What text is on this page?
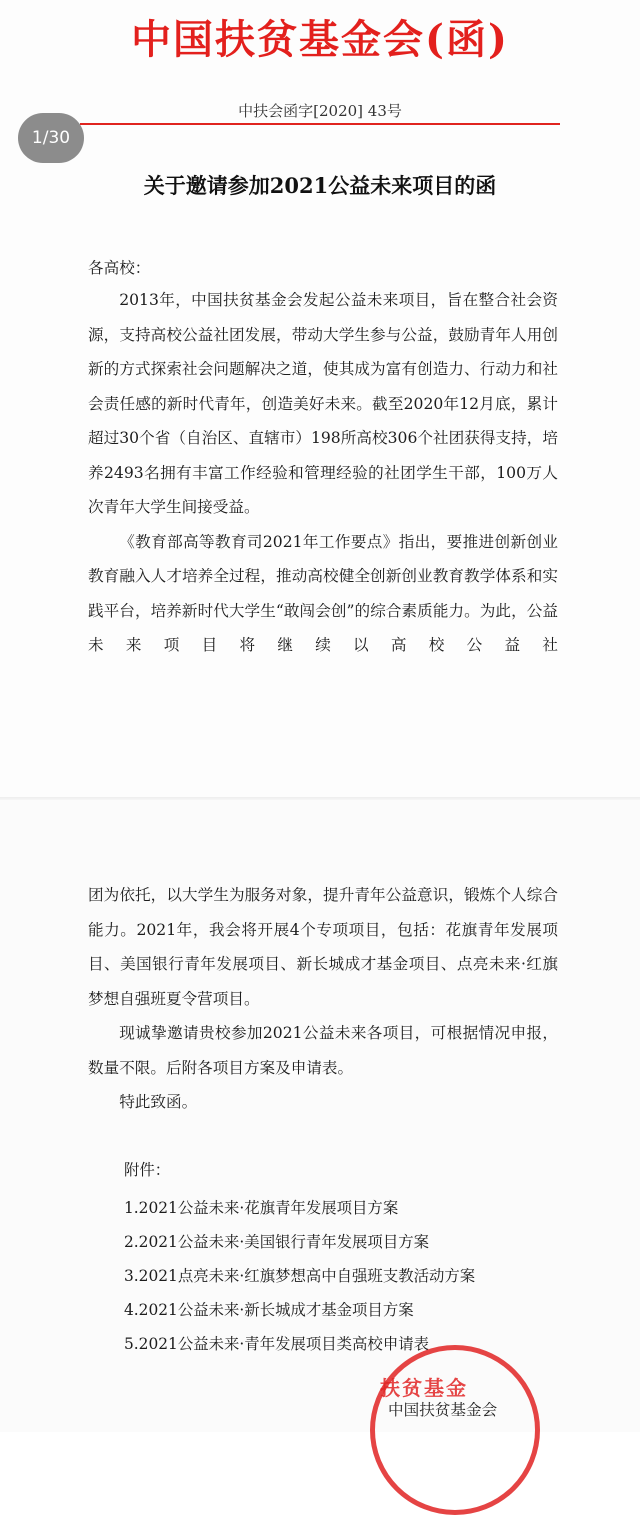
中国扶贫基金会(函)
中扶会函字[2020] 43号
1/30
关于邀请参加2021公益未来项目的函
各高校：

2013年，中国扶贫基金会发起公益未来项目，旨在整合社会资源，支持高校公益社团发展，带动大学生参与公益，鼓励青年人用创新的方式探索社会问题解决之道，使其成为富有创造力、行动力和社会责任感的新时代青年，创造美好未来。截至2020年12月底，累计超过30个省（自治区、直辖市）198所高校306个社团获得支持，培养2493名拥有丰富工作经验和管理经验的社团学生干部，100万人次青年大学生间接受益。

《教育部高等教育司2021年工作要点》指出，要推进创新创业教育融入人才培养全过程，推动高校健全创新创业教育教学体系和实践平台，培养新时代大学生“敢闯会创”的综合素质能力。为此，公益未来项目将继续以高校公益社

团为依托，以大学生为服务对象，提升青年公益意识，锻炼个人综合能力。2021年，我会将开展4个专项项目，包括：花旗青年发展项目、美国银行青年发展项目、新长城成才基金项目、点亮未来·红旗梦想自强班夏令营项目。

现诚挚邀请贵校参加2021公益未来各项目，可根据情况申报，数量不限。后附各项目方案及申请表。

特此致函。

附件：
1.2021公益未来·花旗青年发展项目方案
2.2021公益未来·美国银行青年发展项目方案
3.2021点亮未来·红旗梦想高中自强班支教活动方案
4.2021公益未来·新长城成才基金项目方案
5.2021公益未来·青年发展项目类高校申请表
扶贫基金
中国扶贫基金会
